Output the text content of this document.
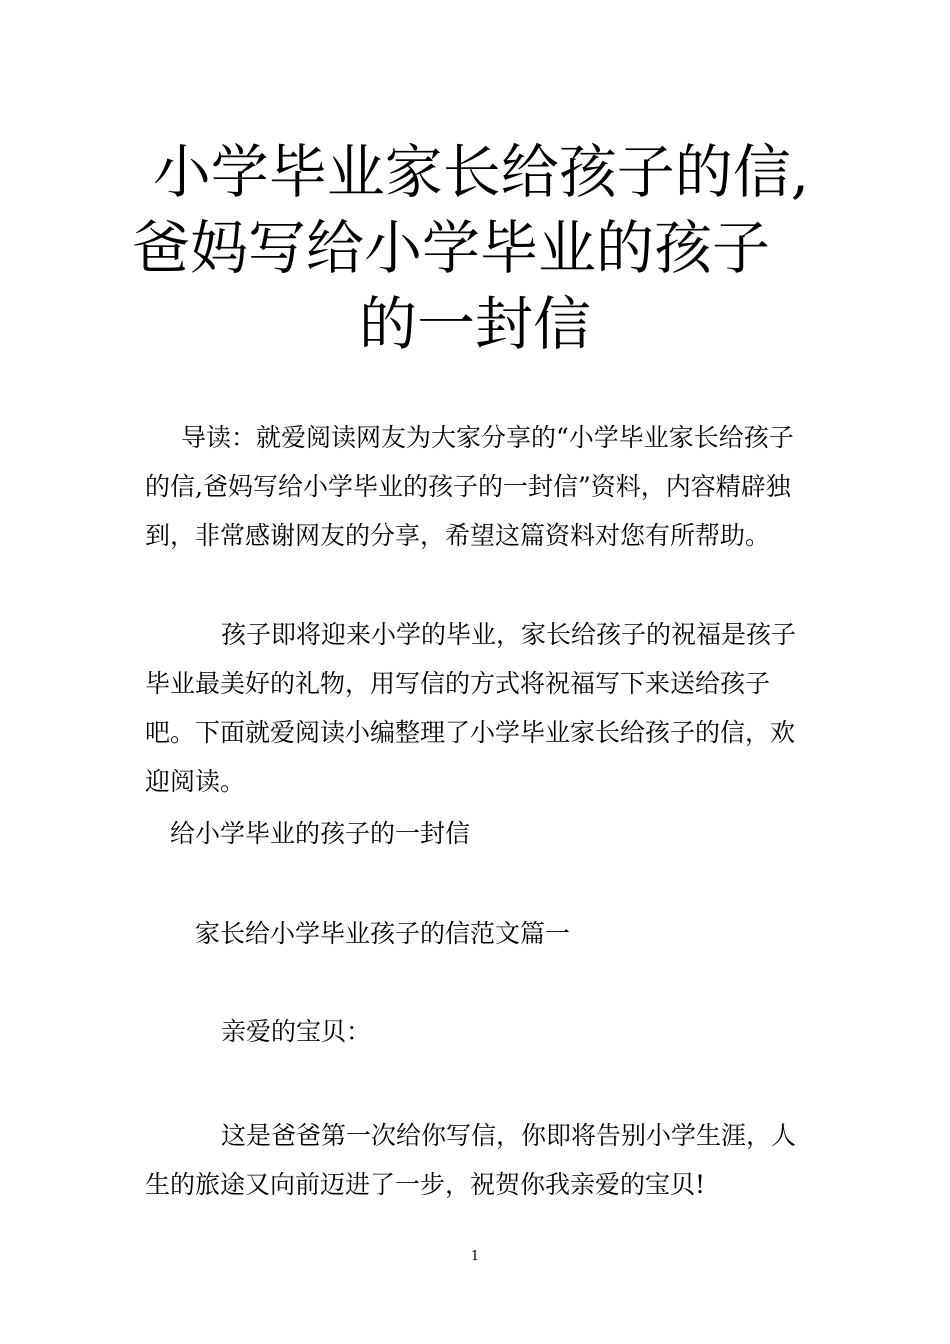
小学毕业家长给孩子的信,
爸妈写给小学毕业的孩子
的一封信

导读：就爱阅读网友为大家分享的“小学毕业家长给孩子
的信,爸妈写给小学毕业的孩子的一封信”资料，内容精辟独
到，非常感谢网友的分享，希望这篇资料对您有所帮助。

孩子即将迎来小学的毕业，家长给孩子的祝福是孩子
毕业最美好的礼物，用写信的方式将祝福写下来送给孩子
吧。下面就爱阅读小编整理了小学毕业家长给孩子的信，欢
迎阅读。

给小学毕业的孩子的一封信

家长给小学毕业孩子的信范文篇一

亲爱的宝贝：

这是爸爸第一次给你写信，你即将告别小学生涯，人
生的旅途又向前迈进了一步，祝贺你我亲爱的宝贝!

1
